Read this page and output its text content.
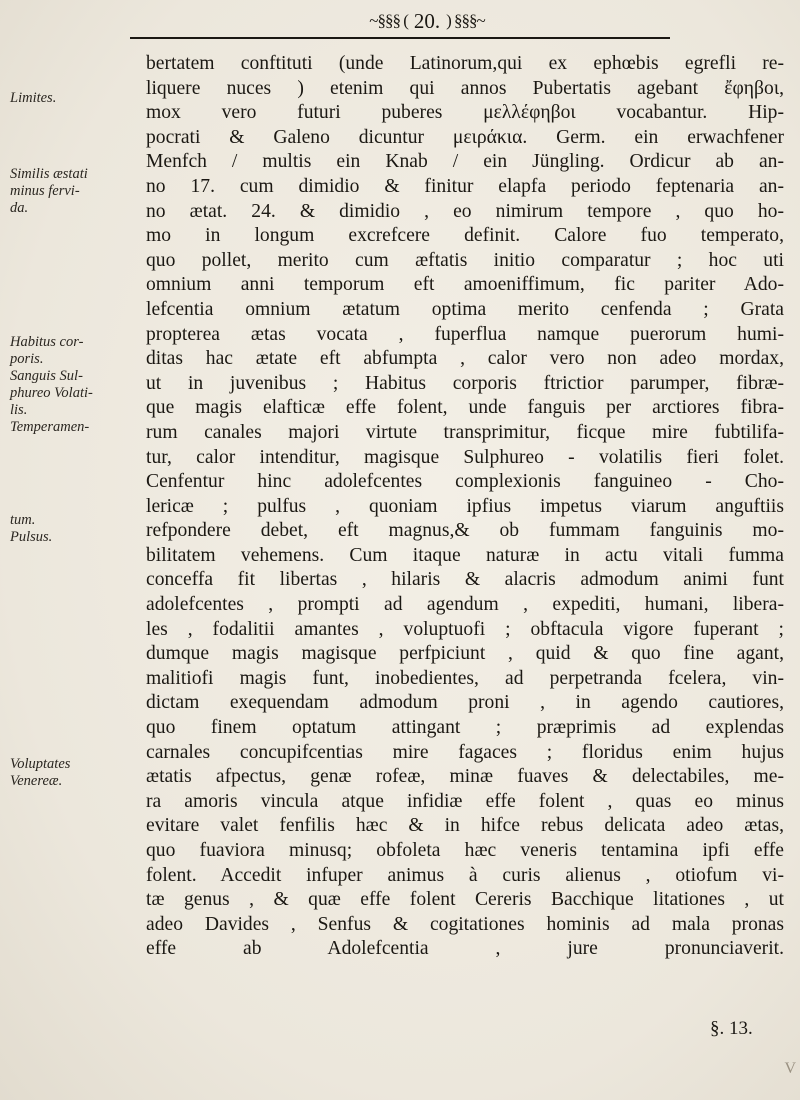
~§§§ ( 20. ) §§§~
Limites.
Similis æstati
minus fervi-
da.
Habitus cor-
poris.
Sanguis Sul-
phureo Volati-
lis.
Temperamen-
tum.
Pulsus.
Voluptates
Venereæ.
bertatem conftituti (unde Latinorum,qui ex ephœbis egrefli re-
liquere nuces ) etenim qui annos Pubertatis agebant ἔφηβοι,
mox vero futuri puberes μελλέφηβοι vocabantur. Hip-
pocrati & Galeno dicuntur μειράκια. Germ. ein erwachfener
Menfch / multis ein Knab / ein Jüngling. Ordicur ab an-
no 17. cum dimidio & finitur elapfa periodo feptenaria an-
no ætat. 24. & dimidio , eo nimirum tempore , quo ho-
mo in longum excrefcere definit. Calore fuo temperato,
quo pollet, merito cum æftatis initio comparatur ; hoc uti
omnium anni temporum eft amoeniffimum, fic pariter Ado-
lefcentia omnium ætatum optima merito cenfenda ; Grata
propterea ætas vocata , fuperflua namque puerorum humi-
ditas hac ætate eft abfumpta , calor vero non adeo mordax,
ut in juvenibus ; Habitus corporis ftrictior parumper, fibræ-
que magis elafticæ effe folent, unde fanguis per arctiores fibra-
rum canales majori virtute transprimitur, ficque mire fubtilifa-
tur, calor intenditur, magisque Sulphureo - volatilis fieri folet.
Cenfentur hinc adolefcentes complexionis fanguineo - Cho-
lericæ ; pulfus , quoniam ipfius impetus viarum anguftiis
refpondere debet, eft magnus,& ob fummam fanguinis mo-
bilitatem vehemens. Cum itaque naturæ in actu vitali fumma
conceffa fit libertas , hilaris & alacris admodum animi funt
adolefcentes , prompti ad agendum , expediti, humani, libera-
les , fodalitii amantes , voluptuofi ; obftacula vigore fuperant ;
dumque magis magisque perfpiciunt , quid & quo fine agant,
malitiofi magis funt, inobedientes, ad perpetranda fcelera, vin-
dictam exequendam admodum proni , in agendo cautiores,
quo finem optatum attingant ; præprimis ad explendas
carnales concupifcentias mire fagaces ; floridus enim hujus
ætatis afpectus, genæ rofeæ, minæ fuaves & delectabiles, me-
ra amoris vincula atque infidiæ effe folent , quas eo minus
evitare valet fenfilis hæc & in hifce rebus delicata adeo ætas,
quo fuaviora minusq; obfoleta hæc veneris tentamina ipfi effe
folent. Accedit infuper animus à curis alienus , otiofum vi-
tæ genus , & quæ effe folent Cereris Bacchique litationes , ut
adeo Davides , Senfus & cogitationes hominis ad mala pronas
effe ab Adolefcentia , jure pronunciaverit.
§. 13.
V
